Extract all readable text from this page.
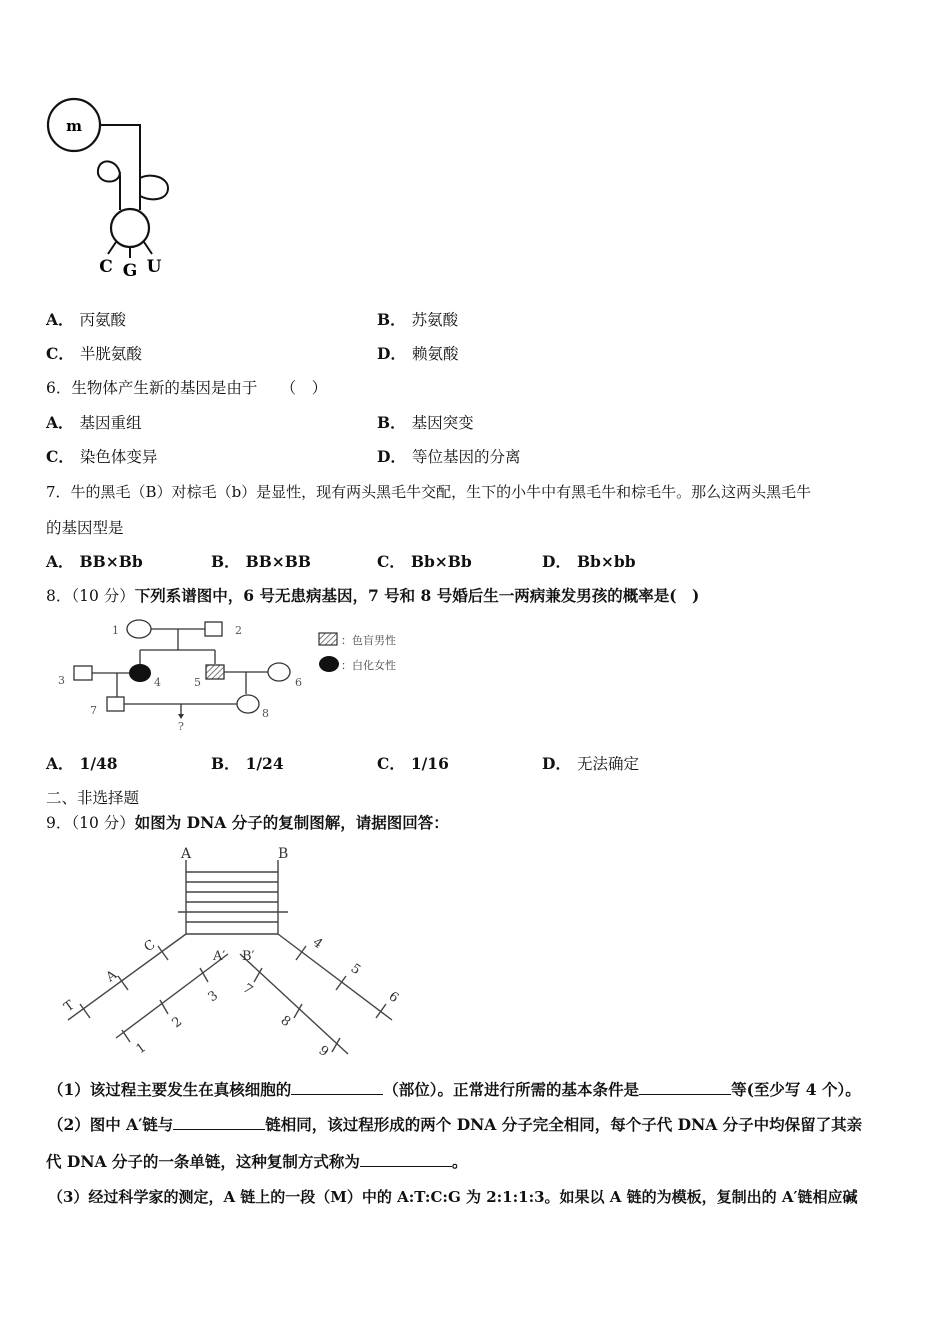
m
C G U
A． 丙氨酸	B． 苏氨酸
C． 半胱氨酸	D． 赖氨酸
6．生物体产生新的基因是由于　　（　）
A． 基因重组	B． 基因突变
C． 染色体变异	D． 等位基因的分离
7．牛的黑毛（B）对棕毛（b）是显性，现有两头黑毛牛交配，生下的小牛中有黑毛牛和棕毛牛。那么这两头黑毛牛
的基因型是
A． BB×Bb	B． BB×BB	C． Bb×Bb	D． Bb×bb
8．（10 分）下列系谱图中，6 号无患病基因，7 号和 8 号婚后生一两病兼发男孩的概率是(　)
1	2
3	4	5	6
7	8
?
：色盲男性
：白化女性
A． 1/48	B． 1/24	C． 1/16	D． 无法确定
二、非选择题
9．（10 分）如图为 DNA 分子的复制图解，请据图回答：
A	B
A′ B′
T
A
C
1
2
3
4
5
6
7
8
9
（1）该过程主要发生在真核细胞的	（部位）。正常进行所需的基本条件是	等(至少写 4 个）。
（2）图中 A′链与	链相同，该过程形成的两个 DNA 分子完全相同，每个子代 DNA 分子中均保留了其亲
代 DNA 分子的一条单链，这种复制方式称为	。
（3）经过科学家的测定，A 链上的一段（M）中的 A:T:C:G 为 2:1:1:3。如果以 A 链的为模板，复制出的 A′链相应碱
